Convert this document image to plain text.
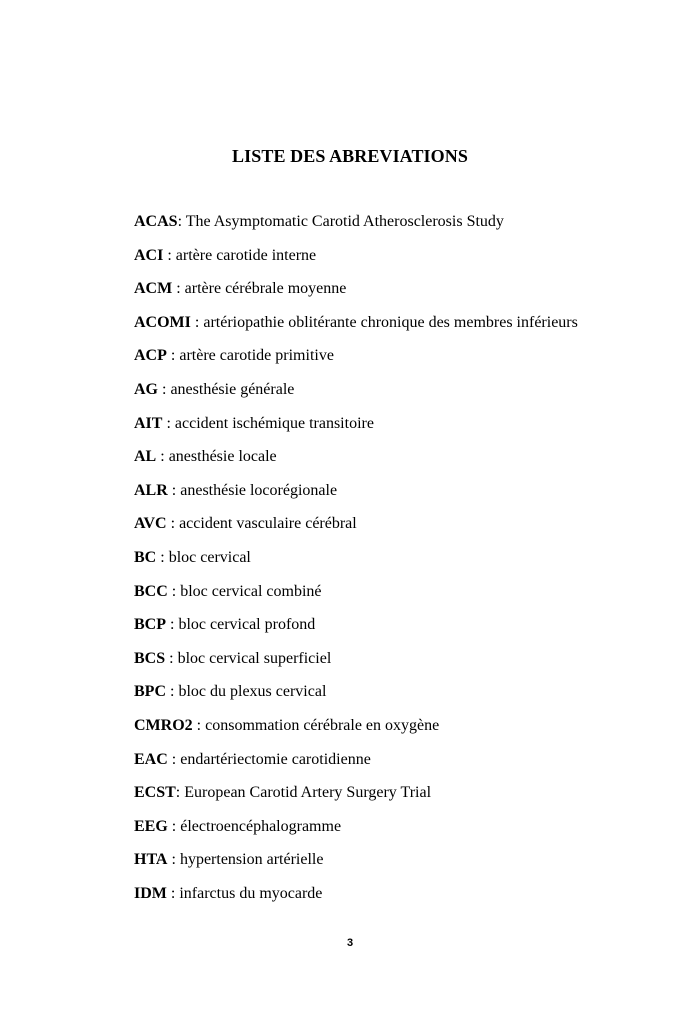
LISTE DES ABREVIATIONS
ACAS: The Asymptomatic Carotid Atherosclerosis Study
ACI : artère carotide interne
ACM : artère cérébrale moyenne
ACOMI : artériopathie oblitérante chronique des membres inférieurs
ACP : artère carotide primitive
AG : anesthésie générale
AIT : accident ischémique transitoire
AL : anesthésie locale
ALR : anesthésie locorégionale
AVC : accident vasculaire cérébral
BC : bloc cervical
BCC : bloc cervical combiné
BCP : bloc cervical profond
BCS : bloc cervical superficiel
BPC : bloc du plexus cervical
CMRO2 : consommation cérébrale en oxygène
EAC : endartériectomie carotidienne
ECST: European Carotid Artery Surgery Trial
EEG : électroencéphalogramme
HTA : hypertension artérielle
IDM : infarctus du myocarde
3
